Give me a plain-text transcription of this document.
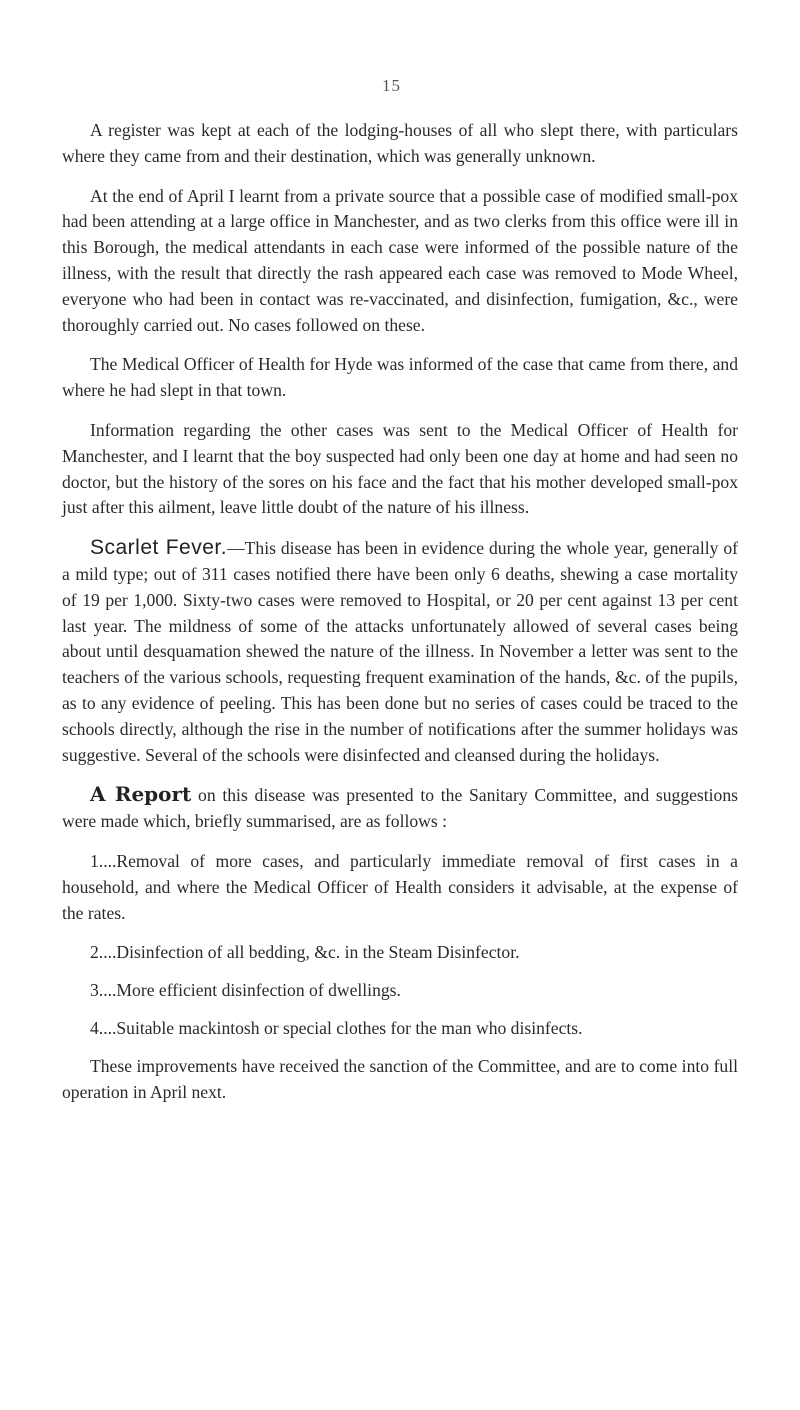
15

A register was kept at each of the lodging-houses of all who slept there, with particulars where they came from and their destination, which was generally unknown.

At the end of April I learnt from a private source that a possible case of modified small-pox had been attending at a large office in Manchester, and as two clerks from this office were ill in this Borough, the medical attendants in each case were informed of the possible nature of the illness, with the result that directly the rash appeared each case was removed to Mode Wheel, everyone who had been in contact was re-vaccinated, and disinfection, fumigation, &c., were thoroughly carried out. No cases followed on these.

The Medical Officer of Health for Hyde was informed of the case that came from there, and where he had slept in that town.

Information regarding the other cases was sent to the Medical Officer of Health for Manchester, and I learnt that the boy suspected had only been one day at home and had seen no doctor, but the history of the sores on his face and the fact that his mother developed small-pox just after this ailment, leave little doubt of the nature of his illness.

Scarlet Fever.—This disease has been in evidence during the whole year, generally of a mild type; out of 311 cases notified there have been only 6 deaths, shewing a case mortality of 19 per 1,000. Sixty-two cases were removed to Hospital, or 20 per cent against 13 per cent last year. The mildness of some of the attacks unfortunately allowed of several cases being about until desquamation shewed the nature of the illness. In November a letter was sent to the teachers of the various schools, requesting frequent examination of the hands, &c. of the pupils, as to any evidence of peeling. This has been done but no series of cases could be traced to the schools directly, although the rise in the number of notifications after the summer holidays was suggestive. Several of the schools were disinfected and cleansed during the holidays.

A Report on this disease was presented to the Sanitary Committee, and suggestions were made which, briefly summarised, are as follows :

1....Removal of more cases, and particularly immediate removal of first cases in a household, and where the Medical Officer of Health considers it advisable, at the expense of the rates.

2....Disinfection of all bedding, &c. in the Steam Disinfector.

3....More efficient disinfection of dwellings.

4....Suitable mackintosh or special clothes for the man who disinfects.

These improvements have received the sanction of the Committee, and are to come into full operation in April next.
